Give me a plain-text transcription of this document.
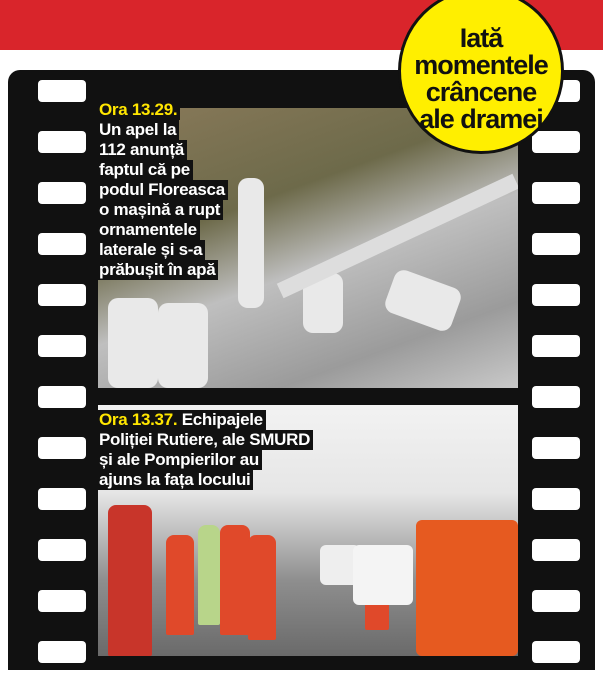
Ora 13.29.
Un apel la
112 anunță
faptul că pe
podul Floreasca
o mașină a rupt
ornamentele
laterale și s-a
prăbușit în apă
Ora 13.37. Echipajele
Poliției Rutiere, ale SMURD
și ale Pompierilor au
ajuns la fața locului
Iată
momentele
crâncene
ale dramei
